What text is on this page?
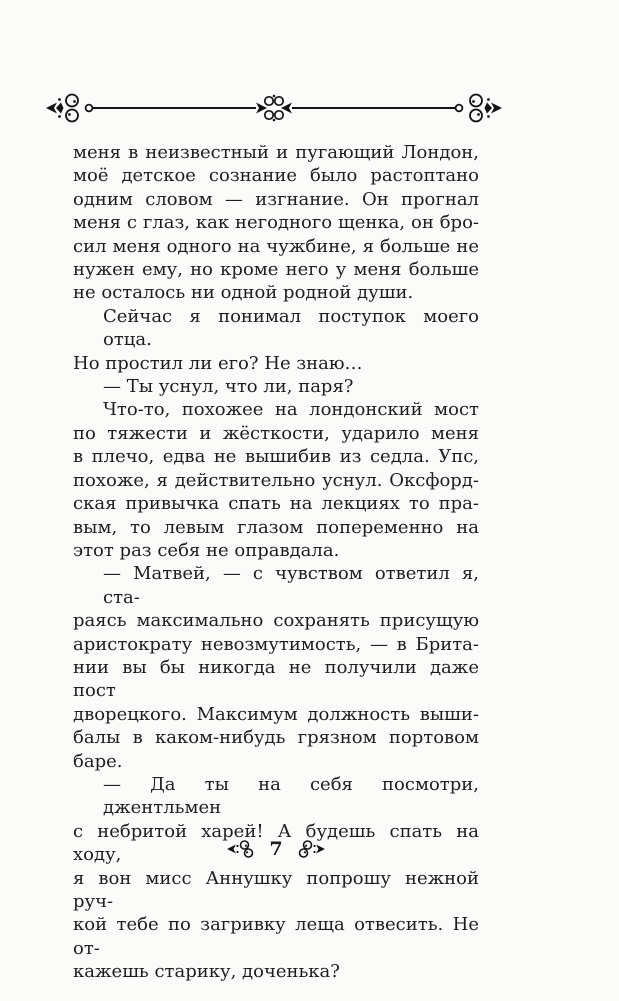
меня в неизвестный и пугающий Лондон,
моё детское сознание было растоптано
одним словом — изгнание. Он прогнал
меня с глаз, как негодного щенка, он бро-
сил меня одного на чужбине, я больше не
нужен ему, но кроме него у меня больше
не осталось ни одной родной души.
Сейчас я понимал поступок моего отца.
Но простил ли его? Не знаю…
— Ты уснул, что ли, паря?
Что-то, похожее на лондонский мост
по тяжести и жёсткости, ударило меня
в плечо, едва не вышибив из седла. Упс,
похоже, я действительно уснул. Оксфорд-
ская привычка спать на лекциях то пра-
вым, то левым глазом попеременно на
этот раз себя не оправдала.
— Матвей, — с чувством ответил я, ста-
раясь максимально сохранять присущую
аристократу невозмутимость, — в Брита-
нии вы бы никогда не получили даже пост
дворецкого. Максимум должность выши-
балы в каком-нибудь грязном портовом
баре.
— Да ты на себя посмотри, джентльмен
с небритой харей! А будешь спать на ходу,
я вон мисс Аннушку попрошу нежной руч-
кой тебе по загривку леща отвесить. Не от-
кажешь старику, доченька?
7
